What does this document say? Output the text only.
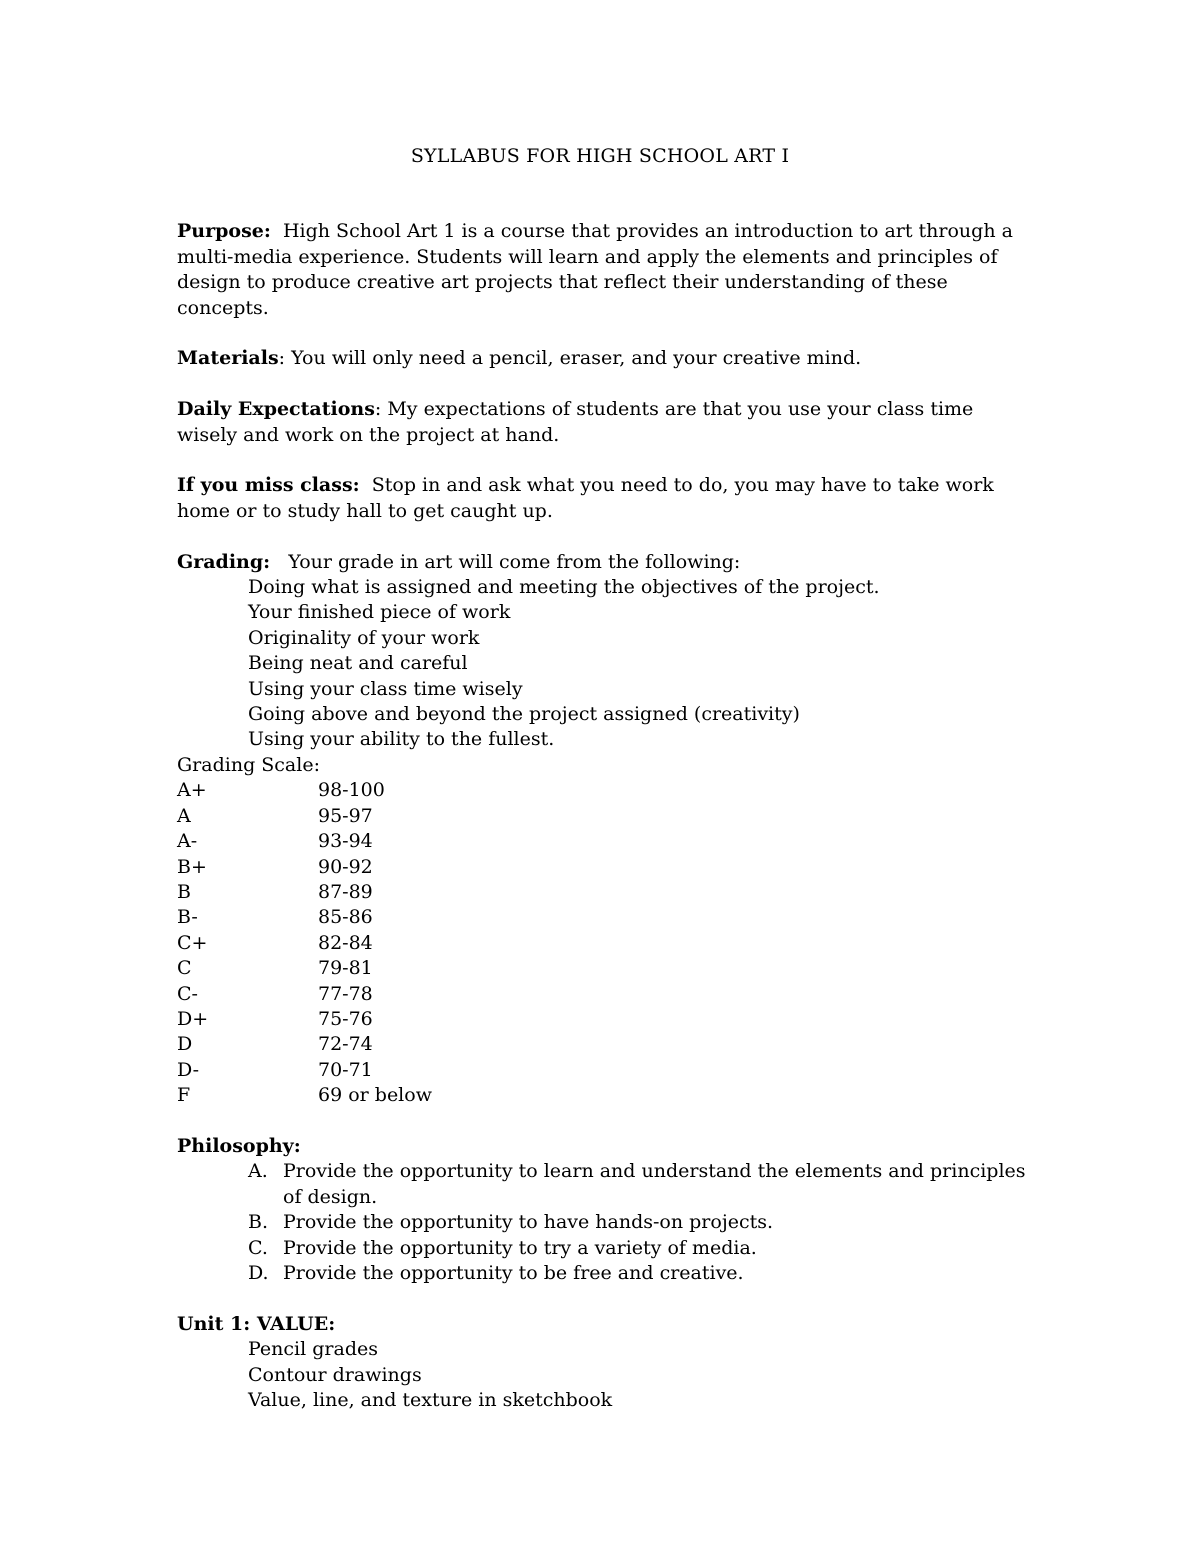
SYLLABUS FOR HIGH SCHOOL ART I
Purpose: High School Art 1 is a course that provides an introduction to art through a multi-media experience. Students will learn and apply the elements and principles of design to produce creative art projects that reflect their understanding of these concepts.
Materials: You will only need a pencil, eraser, and your creative mind.
Daily Expectations: My expectations of students are that you use your class time wisely and work on the project at hand.
If you miss class: Stop in and ask what you need to do, you may have to take work home or to study hall to get caught up.
Grading: Your grade in art will come from the following:
Doing what is assigned and meeting the objectives of the project.
Your finished piece of work
Originality of your work
Being neat and careful
Using your class time wisely
Going above and beyond the project assigned (creativity)
Using your ability to the fullest.
Grading Scale:
A+	98-100
A	95-97
A-	93-94
B+	90-92
B	87-89
B-	85-86
C+	82-84
C	79-81
C-	77-78
D+	75-76
D	72-74
D-	70-71
F	69 or below
Philosophy:
A. Provide the opportunity to learn and understand the elements and principles of design.
B. Provide the opportunity to have hands-on projects.
C. Provide the opportunity to try a variety of media.
D. Provide the opportunity to be free and creative.
Unit 1: VALUE:
Pencil grades
Contour drawings
Value, line, and texture in sketchbook
